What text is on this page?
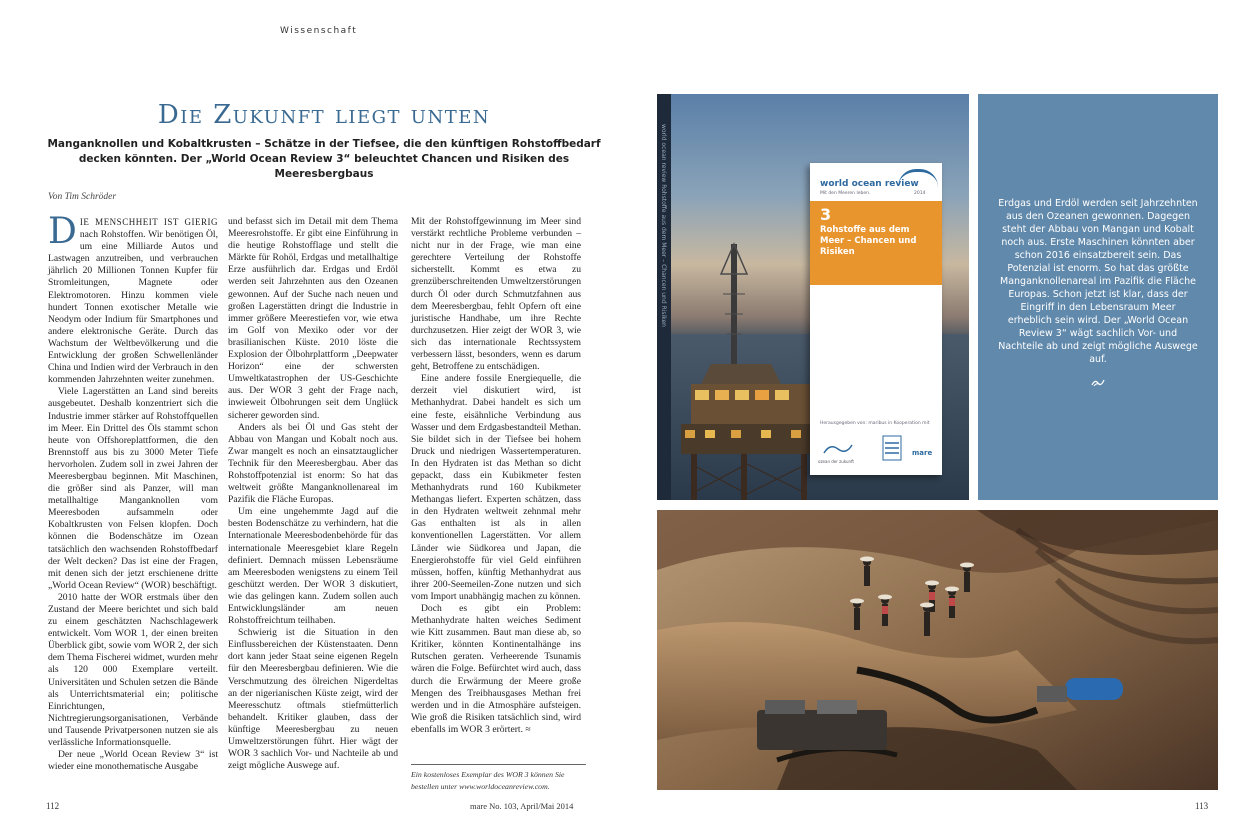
Wissenschaft
Die Zukunft liegt unten
Manganknollen und Kobaltkrusten – Schätze in der Tiefsee, die den künftigen Rohstoffbedarf decken könnten. Der „World Ocean Review 3“ beleuchtet Chancen und Risiken des Meeresbergbaus
Von Tim Schröder

DIE MENSCHHEIT IST GIERIG nach Rohstoffen. Wir benötigen Öl, um eine Milliarde Autos und Lastwagen anzutreiben, und verbrauchen jährlich 20 Millionen Tonnen Kupfer für Stromleitungen, Magnete oder Elektromotoren. Hinzu kommen viele hundert Tonnen exotischer Metalle wie Neodym oder Indium für Smartphones und andere elektronische Geräte. Durch das Wachstum der Weltbevölkerung und die Entwicklung der großen Schwellenländer China und Indien wird der Verbrauch in den kommenden Jahrzehnten weiter zunehmen.

Viele Lagerstätten an Land sind bereits ausgebeutet. Deshalb konzentriert sich die Industrie immer stärker auf Rohstoffquellen im Meer. Ein Drittel des Öls stammt schon heute von Offshoreplattformen, die den Brennstoff aus bis zu 3000 Meter Tiefe hervorholen. Zudem soll in zwei Jahren der Meeresbergbau beginnen. Mit Maschinen, die größer sind als Panzer, will man metallhaltige Manganknollen vom Meeresboden aufsammeln oder Kobaltkrusten von Felsen klopfen. Doch können die Bodenschätze im Ozean tatsächlich den wachsenden Rohstoffbedarf der Welt decken? Das ist eine der Fragen, mit denen sich der jetzt erschienene dritte „World Ocean Review“ (WOR) beschäftigt.

2010 hatte der WOR erstmals über den Zustand der Meere berichtet und sich bald zu einem geschätzten Nachschlagewerk entwickelt. Vom WOR 1, der einen breiten Überblick gibt, sowie vom WOR 2, der sich dem Thema Fischerei widmet, wurden mehr als 120 000 Exemplare verteilt. Universitäten und Schulen setzen die Bände als Unterrichtsmaterial ein; politische Einrichtungen, Nichtregierungsorganisationen, Verbände und Tausende Privatpersonen nutzen sie als verlässliche Informationsquelle.

Der neue „World Ocean Review 3“ ist wieder eine monothematische Ausgabe

und befasst sich im Detail mit dem Thema Meeresrohstoffe. Er gibt eine Einführung in die heutige Rohstofflage und stellt die Märkte für Rohöl, Erdgas und metallhaltige Erze ausführlich dar. Erdgas und Erdöl werden seit Jahrzehnten aus den Ozeanen gewonnen. Auf der Suche nach neuen und großen Lagerstätten dringt die Industrie in immer größere Meerestiefen vor, wie etwa im Golf von Mexiko oder vor der brasilianischen Küste. 2010 löste die Explosion der Ölbohrplattform „Deepwater Horizon“ eine der schwersten Umweltkatastrophen der US-Geschichte aus. Der WOR 3 geht der Frage nach, inwieweit Ölbohrungen seit dem Unglück sicherer geworden sind.

Anders als bei Öl und Gas steht der Abbau von Mangan und Kobalt noch aus. Zwar mangelt es noch an einsatztauglicher Technik für den Meeresbergbau. Aber das Rohstoffpotenzial ist enorm: So hat das weltweit größte Manganknollenareal im Pazifik die Fläche Europas.

Um eine ungehemmte Jagd auf die besten Bodenschätze zu verhindern, hat die Internationale Meeresbodenbehörde für das internationale Meeresgebiet klare Regeln definiert. Demnach müssen Lebensräume am Meeresboden wenigstens zu einem Teil geschützt werden. Der WOR 3 diskutiert, wie das gelingen kann. Zudem sollen auch Entwicklungsländer am neuen Rohstoffreichtum teilhaben.

Schwierig ist die Situation in den Einflussbereichen der Küstenstaaten. Denn dort kann jeder Staat seine eigenen Regeln für den Meeresbergbau definieren. Wie die Verschmutzung des ölreichen Nigerdeltas an der nigerianischen Küste zeigt, wird der Meeresschutz oftmals stiefmütterlich behandelt. Kritiker glauben, dass der künftige Meeresbergbau zu neuen Umweltzerstörungen führt. Hier wägt der WOR 3 sachlich Vor- und Nachteile ab und zeigt mögliche Auswege auf.

Mit der Rohstoffgewinnung im Meer sind verstärkt rechtliche Probleme verbunden – nicht nur in der Frage, wie man eine gerechtere Verteilung der Rohstoffe sicherstellt. Kommt es etwa zu grenzüberschreitenden Umweltzerstörungen durch Öl oder durch Schmutzfahnen aus dem Meeresbergbau, fehlt Opfern oft eine juristische Handhabe, um ihre Rechte durchzusetzen. Hier zeigt der WOR 3, wie sich das internationale Rechtssystem verbessern lässt, besonders, wenn es darum geht, Betroffene zu entschädigen.

Eine andere fossile Energiequelle, die derzeit viel diskutiert wird, ist Methanhydrat. Dabei handelt es sich um eine feste, eisähnliche Verbindung aus Wasser und dem Erdgasbestandteil Methan. Sie bildet sich in der Tiefsee bei hohem Druck und niedrigen Wassertemperaturen. In den Hydraten ist das Methan so dicht gepackt, dass ein Kubikmeter festen Methanhydrats rund 160 Kubikmeter Methangas liefert. Experten schätzen, dass in den Hydraten weltweit zehnmal mehr Gas enthalten ist als in allen konventionellen Lagerstätten. Vor allem Länder wie Südkorea und Japan, die Energierohstoffe für viel Geld einführen müssen, hoffen, künftig Methanhydrat aus ihrer 200-Seemeilen-Zone nutzen und sich vom Import unabhängig machen zu können.

Doch es gibt ein Problem: Methanhydrate halten weiches Sediment wie Kitt zusammen. Baut man diese ab, so Kritiker, könnten Kontinentalhänge ins Rutschen geraten. Verheerende Tsunamis wären die Folge. Befürchtet wird auch, dass durch die Erwärmung der Meere große Mengen des Treibhausgases Methan frei werden und in die Atmosphäre aufsteigen. Wie groß die Risiken tatsächlich sind, wird ebenfalls im WOR 3 erörtert. ≈

Ein kostenloses Exemplar des WOR 3 können Sie bestellen unter www.worldoceanreview.com.
112	mare No. 103, April/Mai 2014	113
world ocean review Rohstoffe aus dem Meer – Chancen und Risiken	world ocean review
Mit den Meeren leben.	2014
3
Rohstoffe aus dem Meer – Chancen und Risiken
Herausgegeben von: maribus in Kooperation mit
ozean der zukunft
mare
Erdgas und Erdöl werden seit Jahrzehnten aus den Ozeanen gewonnen. Dagegen steht der Abbau von Mangan und Kobalt noch aus. Erste Maschinen könnten aber schon 2016 einsatzbereit sein. Das Potenzial ist enorm. So hat das größte Manganknollenareal im Pazifik die Fläche Europas. Schon jetzt ist klar, dass der Eingriff in den Lebensraum Meer erheblich sein wird. Der „World Ocean Review 3“ wägt sachlich Vor- und Nachteile ab und zeigt mögliche Auswege auf.
